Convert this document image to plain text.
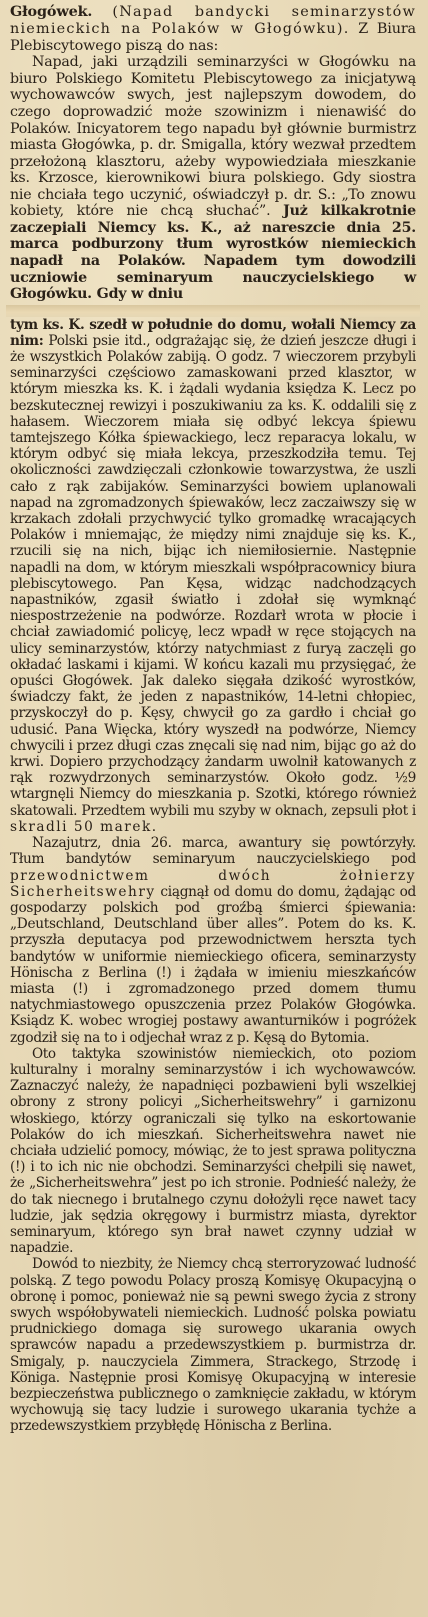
Głogówek. (Napad bandycki seminarzystów niemieckich na Polaków w Głogówku). Z Biura Plebiscytowego piszą do nas:

Napad, jaki urządzili seminarzyści w Głogówku na biuro Polskiego Komitetu Plebiscytowego za inicjatywą wychowawców swych, jest najlepszym dowodem, do czego doprowadzić może szowinizm i nienawiść do Polaków. Inicyatorem tego napadu był głównie burmistrz miasta Głogówka, p. dr. Smigalla, który wezwał przedtem przełożoną klasztoru, ażeby wypowiedziała mieszkanie ks. Krzosce, kierownikowi biura polskiego. Gdy siostra nie chciała tego uczynić, oświadczył p. dr. S.: „To znowu kobiety, które nie chcą słuchać”. Już kilkakrotnie zaczepiali Niemcy ks. K., aż nareszcie dnia 25. marca podburzony tłum wyrostków niemieckich napadł na Polaków. Napadem tym dowodzili uczniowie seminaryum nauczycielskiego w Głogówku. Gdy w dniu

tym ks. K. szedł w południe do domu, wołali Niemcy za nim: Polski psie itd., odgrażając się, że dzień jeszcze długi i że wszystkich Polaków zabiją. O godz. 7 wieczorem przybyli seminarzyści częściowo zamaskowani przed klasztor, w którym mieszka ks. K. i żądali wydania księdza K. Lecz po bezskutecznej rewizyi i poszukiwaniu za ks. K. oddalili się z hałasem. Wieczorem miała się odbyć lekcya śpiewu tamtejszego Kółka śpiewackiego, lecz reparacya lokalu, w którym odbyć się miała lekcya, przeszkodziła temu. Tej okoliczności zawdzięczali członkowie towarzystwa, że uszli cało z rąk zabijaków. Seminarzyści bowiem uplanowali napad na zgromadzonych śpiewaków, lecz zaczaiwszy się w krzakach zdołali przychwycić tylko gromadkę wracających Polaków i mniemając, że między nimi znajduje się ks. K., rzucili się na nich, bijąc ich niemiłosiernie. Następnie napadli na dom, w którym mieszkali współpracownicy biura plebiscytowego. Pan Kęsa, widząc nadchodzących napastników, zgasił światło i zdołał się wymknąć niespostrzeżenie na podwórze. Rozdarł wrota w płocie i chciał zawiadomić policyę, lecz wpadł w ręce stojących na ulicy seminarzystów, którzy natychmiast z furyą zaczęli go okładać laskami i kijami. W końcu kazali mu przysięgać, że opuści Głogówek. Jak daleko sięgała dzikość wyrostków, świadczy fakt, że jeden z napastników, 14-letni chłopiec, przyskoczył do p. Kęsy, chwycił go za gardło i chciał go udusić. Pana Więcka, który wyszedł na podwórze, Niemcy chwycili i przez długi czas znęcali się nad nim, bijąc go aż do krwi. Dopiero przychodzący żandarm uwolnił katowanych z rąk rozwydrzonych seminarzystów. Około godz. ½9 wtargnęli Niemcy do mieszkania p. Szotki, którego również skatowali. Przedtem wybili mu szyby w oknach, zepsuli płot i skradli 50 marek.

Nazajutrz, dnia 26. marca, awantury się powtórzyły. Tłum bandytów seminaryum nauczycielskiego pod przewodnictwem dwóch żołnierzy Sicherheitswehry ciągnął od domu do domu, żądając od gospodarzy polskich pod groźbą śmierci śpiewania: „Deutschland, Deutschland über alles”. Potem do ks. K. przyszła deputacya pod przewodnictwem herszta tych bandytów w uniformie niemieckiego oficera, seminarzysty Hönischa z Berlina (!) i żądała w imieniu mieszkańców miasta (!) i zgromadzonego przed domem tłumu natychmiastowego opuszczenia przez Polaków Głogówka. Ksiądz K. wobec wrogiej postawy awanturników i pogróżek zgodził się na to i odjechał wraz z p. Kęsą do Bytomia.

Oto taktyka szowinistów niemieckich, oto poziom kulturalny i moralny seminarzystów i ich wychowawców. Zaznaczyć należy, że napadnięci pozbawieni byli wszelkiej obrony z strony policyi „Sicherheitswehry” i garnizonu włoskiego, którzy ograniczali się tylko na eskortowanie Polaków do ich mieszkań. Sicherheitswehra nawet nie chciała udzielić pomocy, mówiąc, że to jest sprawa polityczna (!) i to ich nic nie obchodzi. Seminarzyści chełpili się nawet, że „Sicherheitswehra” jest po ich stronie. Podnieść należy, że do tak niecnego i brutalnego czynu dołożyli ręce nawet tacy ludzie, jak sędzia okręgowy i burmistrz miasta, dyrektor seminaryum, którego syn brał nawet czynny udział w napadzie.

Dowód to niezbity, że Niemcy chcą sterroryzować ludność polską. Z tego powodu Polacy proszą Komisyę Okupacyjną o obronę i pomoc, ponieważ nie są pewni swego życia z strony swych współobywateli niemieckich. Ludność polska powiatu prudnickiego domaga się surowego ukarania owych sprawców napadu a przedewszystkiem p. burmistrza dr. Smigaly, p. nauczyciela Zimmera, Strackego, Strzodę i Königa. Następnie prosi Komisyę Okupacyjną w interesie bezpieczeństwa publicznego o zamknięcie zakładu, w którym wychowują się tacy ludzie i surowego ukarania tychże a przedewszystkiem przybłędę Hönischa z Berlina.
